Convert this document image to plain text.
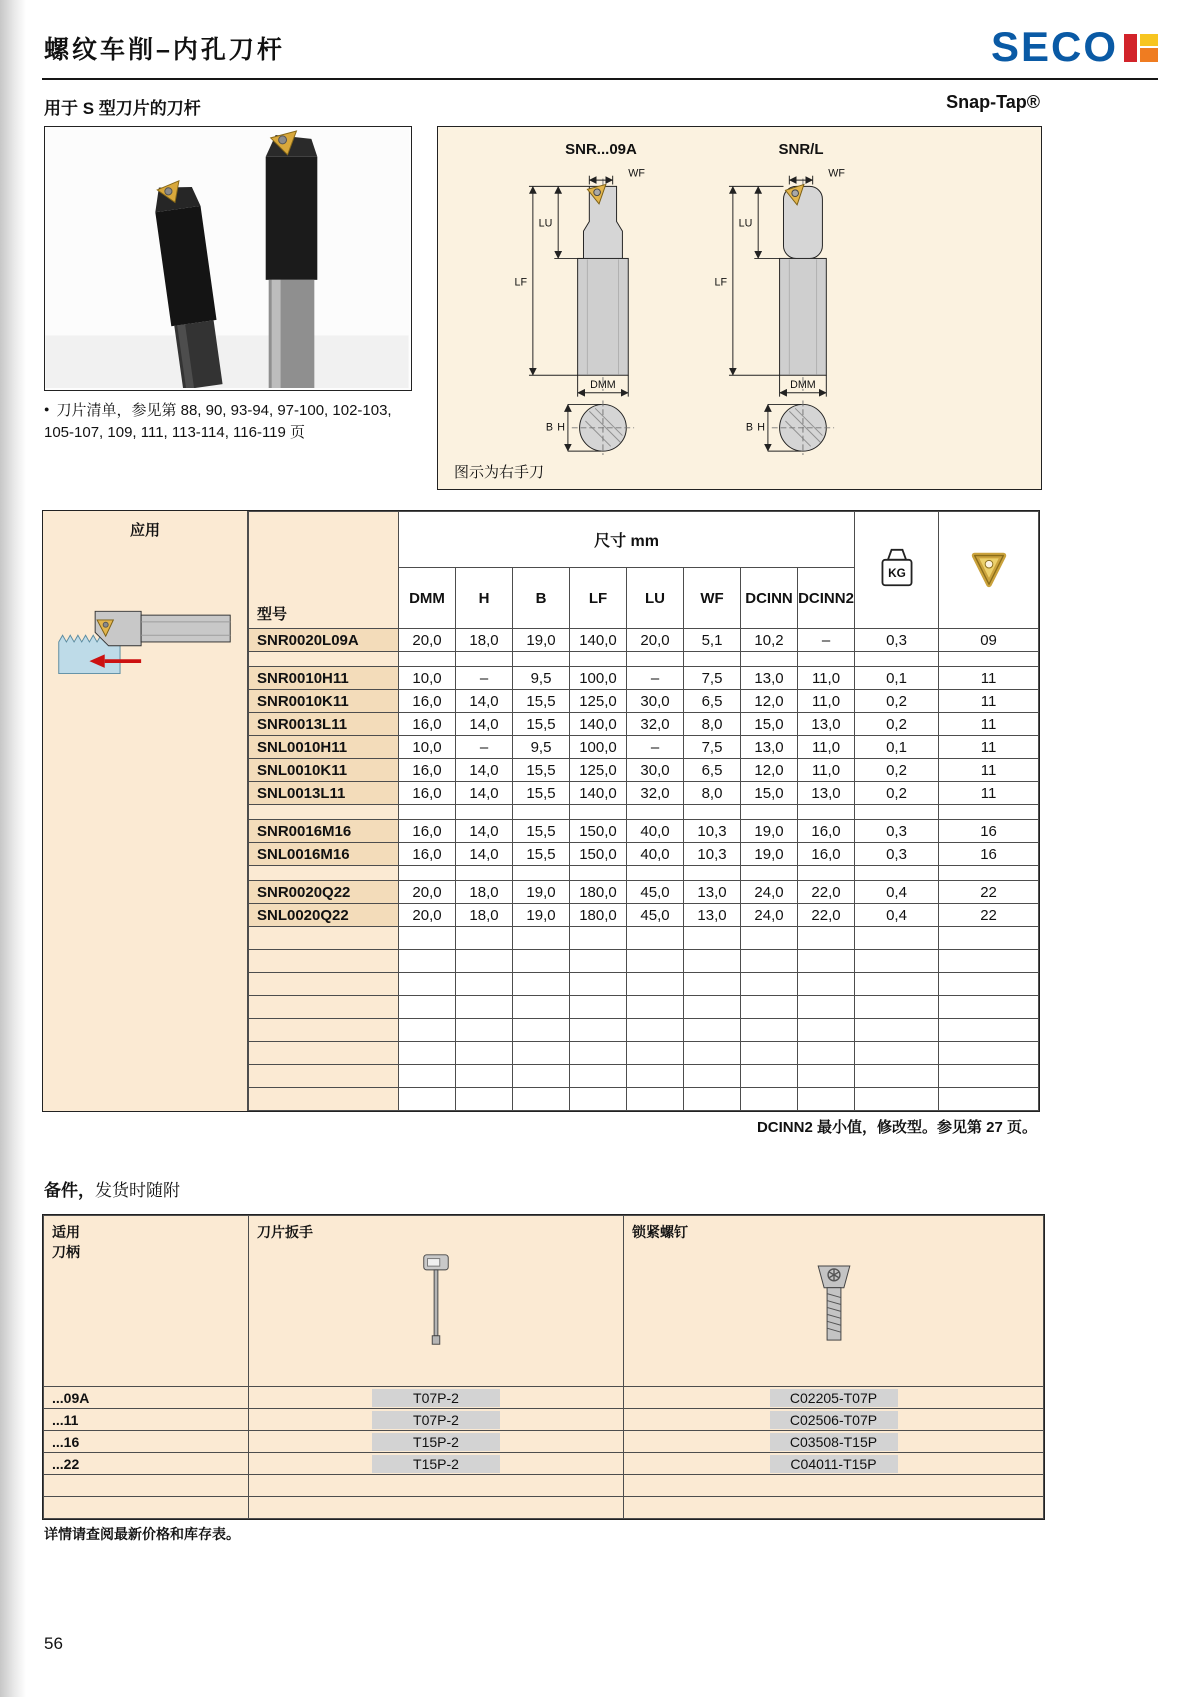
螺纹车削–内孔刀杆	SECO
用于 S 型刀片的刀杆	Snap-Tap®
● 刀片清单，参见第 88, 90, 93-94, 97-100, 102-103, 105-107, 109, 111, 113-114, 116-119 页
SNR...09A	SNR/L
WF
LU
LF
DMM
B H
WF
LU
LF
DMM
B H
图示为右手刀
应用
型号	尺寸 mm								KG

	DMM	H	B	LF	LU	WF	DCINN	DCINN2		
SNR0020L09A	20,0	18,0	19,0	140,0	20,0	5,1	10,2	–	0,3	09

SNR0010H11	10,0	–	9,5	100,0	–	7,5	13,0	11,0	0,1	11
SNR0010K11	16,0	14,0	15,5	125,0	30,0	6,5	12,0	11,0	0,2	11
SNR0013L11	16,0	14,0	15,5	140,0	32,0	8,0	15,0	13,0	0,2	11
SNL0010H11	10,0	–	9,5	100,0	–	7,5	13,0	11,0	0,1	11
SNL0010K11	16,0	14,0	15,5	125,0	30,0	6,5	12,0	11,0	0,2	11
SNL0013L11	16,0	14,0	15,5	140,0	32,0	8,0	15,0	13,0	0,2	11

SNR0016M16	16,0	14,0	15,5	150,0	40,0	10,3	19,0	16,0	0,3	16
SNL0016M16	16,0	14,0	15,5	150,0	40,0	10,3	19,0	16,0	0,3	16

SNR0020Q22	20,0	18,0	19,0	180,0	45,0	13,0	24,0	22,0	0,4	22
SNL0020Q22	20,0	18,0	19,0	180,0	45,0	13,0	24,0	22,0	0,4	22

DCINN2 最小值，修改型。参见第 27 页。
备件，发货时随附
适用
刀柄	刀片扳手	锁紧螺钉

...09A	T07P-2	C02205-T07P
...11	T07P-2	C02506-T07P
...16	T15P-2	C03508-T15P
...22	T15P-2	C04011-T15P

详情请查阅最新价格和库存表。
56
